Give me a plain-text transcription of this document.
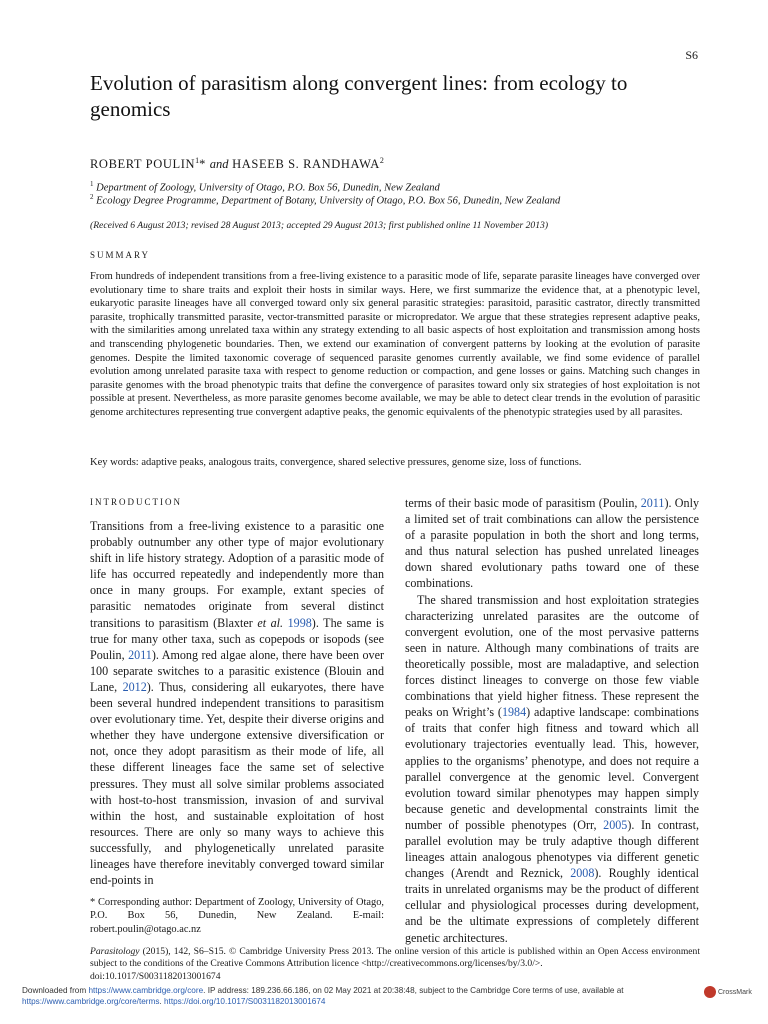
S6
Evolution of parasitism along convergent lines: from ecology to genomics
ROBERT POULIN$^1$* and HASEEB S. RANDHAWA$^2$
$^1$ Department of Zoology, University of Otago, P.O. Box 56, Dunedin, New Zealand
$^2$ Ecology Degree Programme, Department of Botany, University of Otago, P.O. Box 56, Dunedin, New Zealand
(Received 6 August 2013; revised 28 August 2013; accepted 29 August 2013; first published online 11 November 2013)
SUMMARY
From hundreds of independent transitions from a free-living existence to a parasitic mode of life, separate parasite lineages have converged over evolutionary time to share traits and exploit their hosts in similar ways. Here, we first summarize the evidence that, at a phenotypic level, eukaryotic parasite lineages have all converged toward only six general parasitic strategies: parasitoid, parasitic castrator, directly transmitted parasite, trophically transmitted parasite, vector-transmitted parasite or micropredator. We argue that these strategies represent adaptive peaks, with the similarities among unrelated taxa within any strategy extending to all basic aspects of host exploitation and transmission among hosts and transcending phylogenetic boundaries. Then, we extend our examination of convergent patterns by looking at the evolution of parasite genomes. Despite the limited taxonomic coverage of sequenced parasite genomes currently available, we find some evidence of parallel evolution among unrelated parasite taxa with respect to genome reduction or compaction, and gene losses or gains. Matching such changes in parasite genomes with the broad phenotypic traits that define the convergence of parasites toward only six strategies of host exploitation is not possible at present. Nevertheless, as more parasite genomes become available, we may be able to detect clear trends in the evolution of parasitic genome architectures representing true convergent adaptive peaks, the genomic equivalents of the phenotypic strategies used by all parasites.
Key words: adaptive peaks, analogous traits, convergence, shared selective pressures, genome size, loss of functions.
INTRODUCTION

Transitions from a free-living existence to a parasitic one probably outnumber any other type of major evolutionary shift in life history strategy. Adoption of a parasitic mode of life has occurred repeatedly and independently more than once in many groups. For example, extant species of parasitic nematodes originate from several distinct transitions to parasitism (Blaxter et al. 1998). The same is true for many other taxa, such as copepods or isopods (see Poulin, 2011). Among red algae alone, there have been over 100 separate switches to a parasitic existence (Blouin and Lane, 2012). Thus, considering all eukaryotes, there have been several hundred independent transitions to parasitism over evolutionary time. Yet, despite their diverse origins and whether they have undergone extensive diversification or not, once they adopt parasitism as their mode of life, all these different lineages face the same set of selective pressures. They must all solve similar problems associated with host-to-host transmission, invasion of and survival within the host, and sustainable exploitation of host resources. There are only so many ways to achieve this successfully, and phylogenetically unrelated parasite lineages have therefore inevitably converged toward similar end-points in

terms of their basic mode of parasitism (Poulin, 2011). Only a limited set of trait combinations can allow the persistence of a parasite population in both the short and long terms, and thus natural selection has pushed unrelated lineages down shared evolutionary paths toward one of these combinations.

The shared transmission and host exploitation strategies characterizing unrelated parasites are the outcome of convergent evolution, one of the most pervasive patterns seen in nature. Although many combinations of traits are theoretically possible, most are maladaptive, and selection forces distinct lineages to converge on those few viable combinations that yield higher fitness. These represent the peaks on Wright’s (1984) adaptive landscape: combinations of traits that confer high fitness and toward which all evolutionary trajectories eventually lead. This, however, applies to the organisms’ phenotype, and does not require a parallel convergence at the genomic level. Convergent evolution toward similar phenotypes may happen simply because genetic and developmental constraints limit the number of possible phenotypes (Orr, 2005). In contrast, parallel evolution may be truly adaptive though different lineages attain analogous phenotypes via different genetic changes (Arendt and Reznick, 2008). Roughly identical traits in unrelated organisms may be the product of different cellular and physiological processes during development, and be the ultimate expressions of completely different genetic architectures.

* Corresponding author: Department of Zoology, University of Otago, P.O. Box 56, Dunedin, New Zealand. E-mail: robert.poulin@otago.ac.nz
Parasitology (2015), 142, S6–S15. © Cambridge University Press 2013. The online version of this article is published within an Open Access environment subject to the conditions of the Creative Commons Attribution licence <http://creativecommons.org/licenses/by/3.0/>.
doi:10.1017/S0031182013001674
Downloaded from https://www.cambridge.org/core. IP address: 189.236.66.186, on 02 May 2021 at 20:38:48, subject to the Cambridge Core terms of use, available at
https://www.cambridge.org/core/terms. https://doi.org/10.1017/S0031182013001674
CrossMark
